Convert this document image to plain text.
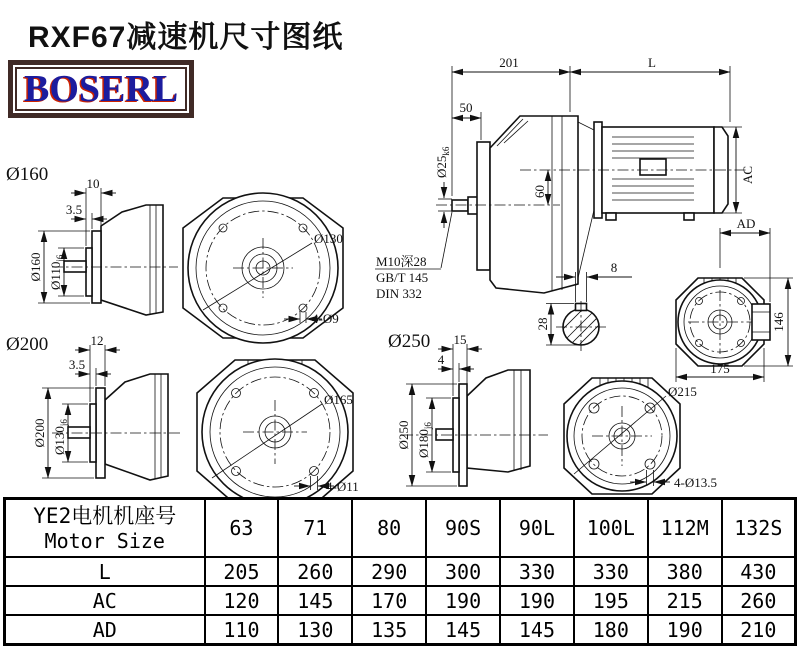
201	L
50
$Ø25_{k6}$
60
AC
M10深28
GB/T 145
DIN 332
Ø160	10
3.5
Ø160 $Ø110_{j6}$
Ø130
4-Ø9
8
28
AD
146
175
Ø200	12
3.5
Ø200 $Ø130_{j6}$
Ø165
4-Ø11
Ø250 15
4
Ø250 $Ø180_{j6}$
Ø215
4-Ø13.5
RXF67减速机尺寸图纸
BOSERL
YE2电机机座号
Motor Size	63	71	80	90S	90L	100L	112M	132S
L	205	260	290	300	330	330	380	430
AC	120	145	170	190	190	195	215	260
AD	110	130	135	145	145	180	190	210
